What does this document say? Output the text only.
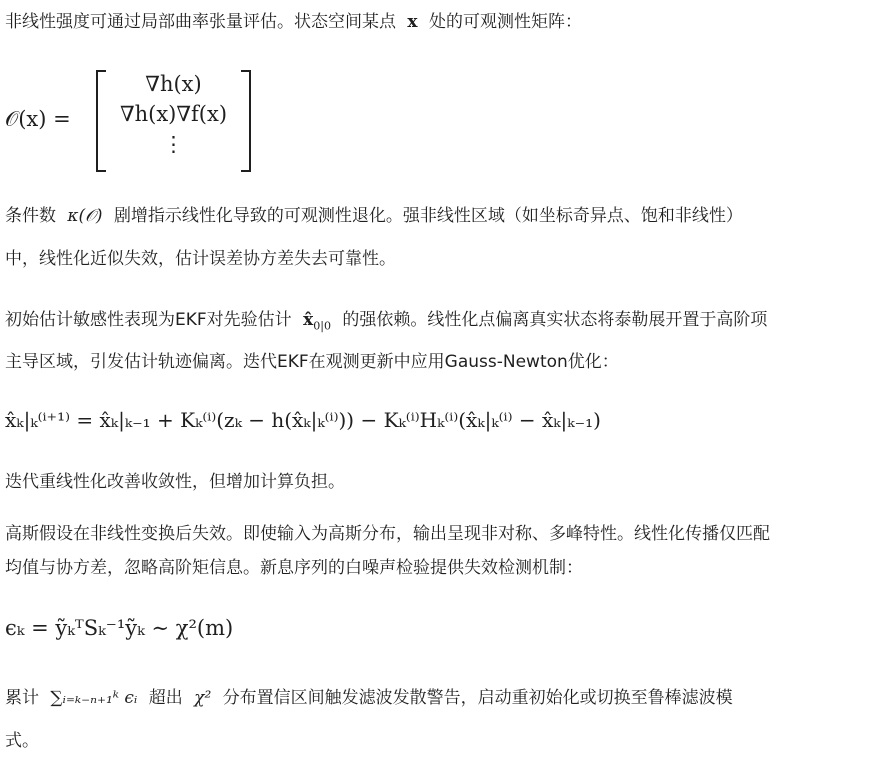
非线性强度可通过局部曲率张量评估。状态空间某点 x 处的可观测性矩阵：
𝒪(x) =
∇h(x)
∇h(x)∇f(x)
⋮
条件数 κ(𝒪) 剧增指示线性化导致的可观测性退化。强非线性区域（如坐标奇异点、饱和非线性）
中，线性化近似失效，估计误差协方差失去可靠性。
初始估计敏感性表现为EKF对先验估计 $x̂_{0|0}$ 的强依赖。线性化点偏离真实状态将泰勒展开置于高阶项
主导区域，引发估计轨迹偏离。迭代EKF在观测更新中应用Gauss-Newton优化：
x̂ₖ|ₖ⁽ⁱ⁺¹⁾ = x̂ₖ|ₖ₋₁ + Kₖ⁽ⁱ⁾(zₖ − h(x̂ₖ|ₖ⁽ⁱ⁾)) − Kₖ⁽ⁱ⁾Hₖ⁽ⁱ⁾(x̂ₖ|ₖ⁽ⁱ⁾ − x̂ₖ|ₖ₋₁)
迭代重线性化改善收敛性，但增加计算负担。
高斯假设在非线性变换后失效。即使输入为高斯分布，输出呈现非对称、多峰特性。线性化传播仅匹配
均值与协方差，忽略高阶矩信息。新息序列的白噪声检验提供失效检测机制：
ϵₖ = ỹₖᵀSₖ⁻¹ỹₖ ∼ χ²(m)
累计 ∑ᵢ₌ₖ₋ₙ₊₁ᵏ ϵᵢ 超出 χ² 分布置信区间触发滤波发散警告，启动重初始化或切换至鲁棒滤波模
式。
